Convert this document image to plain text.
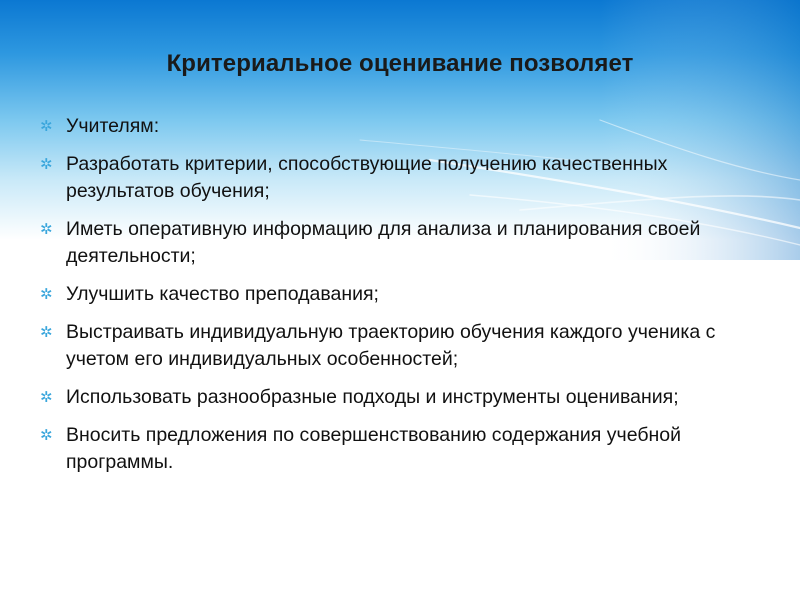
Критериальное оценивание позволяет
✲ Учителям:
✲ Разработать критерии, способствующие получению качественных результатов обучения;
✲ Иметь оперативную информацию для анализа и планирования своей деятельности;
✲ Улучшить качество преподавания;
✲ Выстраивать индивидуальную траекторию обучения каждого ученика с учетом его индивидуальных особенностей;
✲ Использовать разнообразные подходы и инструменты оценивания;
✲ Вносить предложения по совершенствованию содержания учебной программы.
